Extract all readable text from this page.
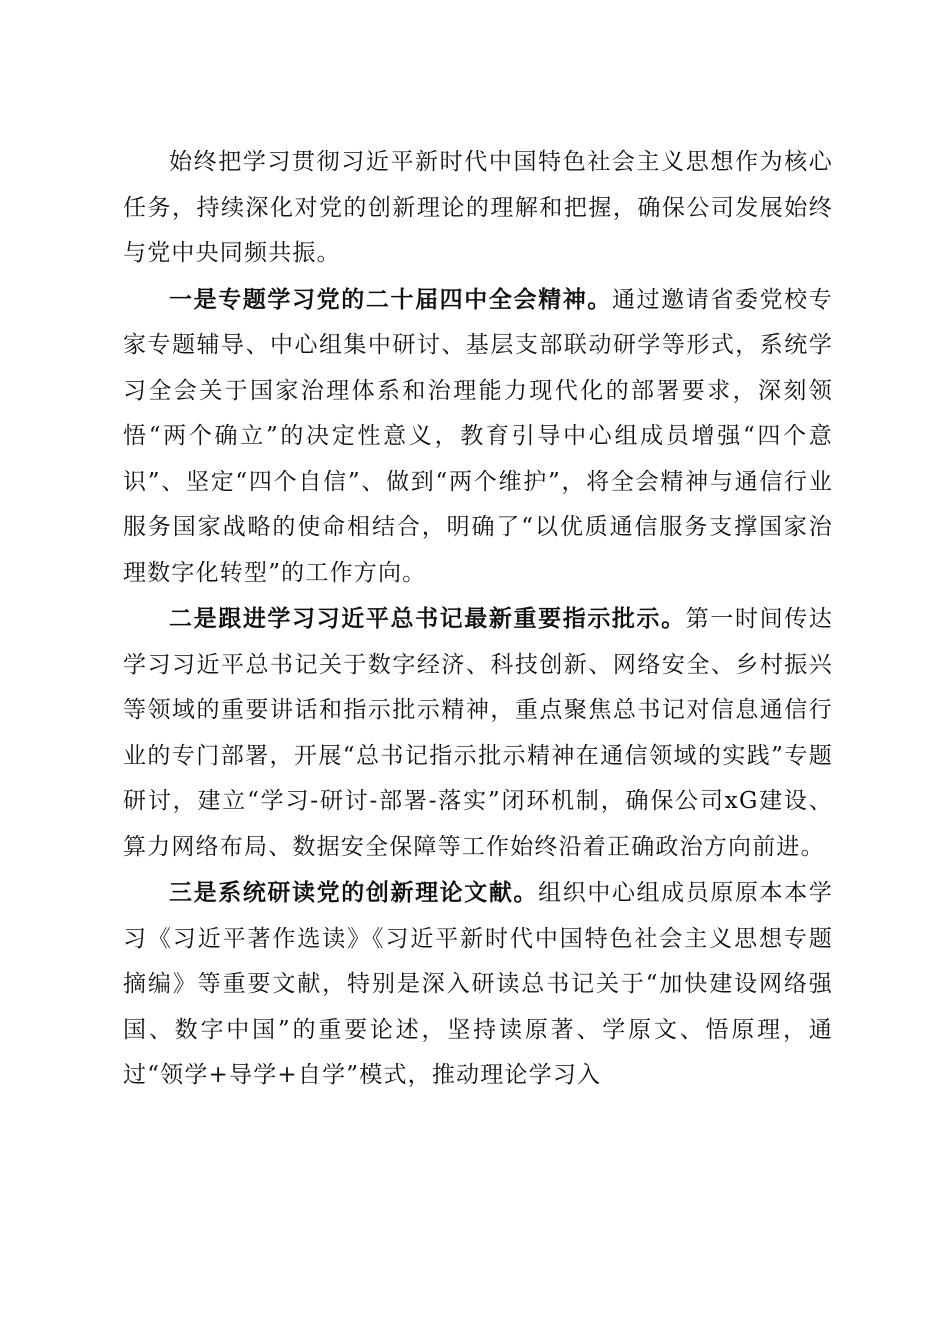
始终把学习贯彻习近平新时代中国特色社会主义思想作为核心任务，持续深化对党的创新理论的理解和把握，确保公司发展始终与党中央同频共振。

一是专题学习党的二十届四中全会精神。通过邀请省委党校专家专题辅导、中心组集中研讨、基层支部联动研学等形式，系统学习全会关于国家治理体系和治理能力现代化的部署要求，深刻领悟“两个确立”的决定性意义，教育引导中心组成员增强“四个意识”、坚定“四个自信”、做到“两个维护”，将全会精神与通信行业服务国家战略的使命相结合，明确了“以优质通信服务支撑国家治理数字化转型”的工作方向。

二是跟进学习习近平总书记最新重要指示批示。第一时间传达学习习近平总书记关于数字经济、科技创新、网络安全、乡村振兴等领域的重要讲话和指示批示精神，重点聚焦总书记对信息通信行业的专门部署，开展“总书记指示批示精神在通信领域的实践”专题研讨，建立“学习-研讨-部署-落实”闭环机制，确保公司xG建设、算力网络布局、数据安全保障等工作始终沿着正确政治方向前进。

三是系统研读党的创新理论文献。组织中心组成员原原本本学习《习近平著作选读》《习近平新时代中国特色社会主义思想专题摘编》等重要文献，特别是深入研读总书记关于“加快建设网络强国、数字中国”的重要论述，坚持读原著、学原文、悟原理，通过“领学+导学+自学”模式，推动理论学习入
